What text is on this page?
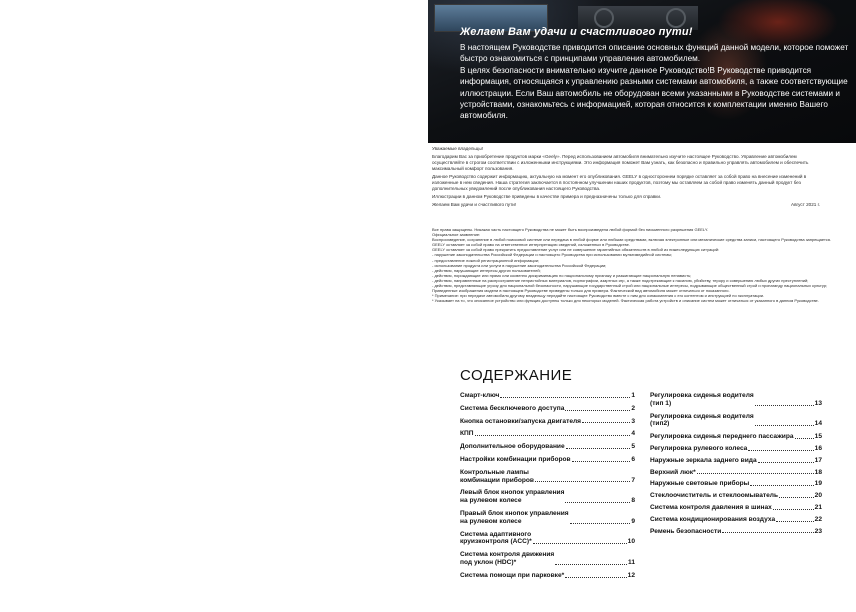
Желаем Вам удачи и счастливого пути!

В настоящем Руководстве приводится описание основных функций данной модели, которое поможет быстро ознакомиться с принципами управления автомобилем.

В целях безопасности внимательно изучите данное Руководство!В Руководстве приводится информация, относящаяся к управлению разными системами автомобиля, а также соответствующие иллюстрации. Если Ваш автомобиль не оборудован всеми указанными в Руководстве системами и устройствами, ознакомьтесь с информацией, которая относится к комплектации именно Вашего автомобиля.

Уважаемые владельцы!

Благодарим Вас за приобретение продуктов марки «Geely». Перед использованием автомобиля внимательно изучите настоящее Руководство. Управление автомобилем осуществляйте в строгом соответствии с изложенными инструкциями. Это информация поможет Вам узнать, как безопасно и правильно управлять автомобилем и обеспечить максимальный комфорт пользования.

Данное Руководство содержит информацию, актуальную на момент его опубликования. GEELY в одностороннем порядке оставляет за собой право на внесение изменений в изложенные в нем сведения. Наша стратегия заключается в постоянном улучшении наших продуктов, поэтому мы оставляем за собой право изменять данный продукт без дополнительных уведомлений после опубликования настоящего Руководства.

Иллюстрации в данном Руководстве приведены в качестве примера и предназначены только для справки.

Желаем Вам удачи и счастливого пути!	Август 2021 г.
Все права защищены. Никакая часть настоящего Руководства не может быть воспроизведена любой формой без письменного разрешения GEELY.
Официальное заявление:
Воспроизведение, сохранение в любой поисковой системе или передача в любой форме или любыми средствами, включая электронные или механические средства записи, настоящего Руководства запрещается.
GEELY оставляет за собой право на ответственное интерпретацию сведений, изложенных в Руководстве.
GEELY оставляет за собой право прекратить предоставление услуг или не совершение гарантийных обязательств в любой из нижеследующих ситуаций:
- нарушение законодательства Российской Федерации и настоящего Руководства при использовании мультимедийной системы;
- предоставление ложной регистрационной информации;
- использование продукта или услуги в нарушение законодательства Российской Федерации;
- действия, нарушающие интересы других пользователей;
- действия, порождающие или прямо или косвенно дискриминацию по национальному признаку и разжигающие национальную ненависть;
- действия, направленные на распространение непристойных материалов, порнографии, азартных игр, а также подстрекающие к насилию, убийству, терору и совершению любых других преступлений;
- действия, представляющие угрозу для национальной безопасности, нарушающие государственный строй или национальные интересы, подрывающие общественный строй и пропаганду национальных культур;
Приведенные изображения модели в настоящем Руководстве приведены только для примера. Фактический вид автомобиля может отличаться от показанного.
* Примечание: при передаче автомобиля другому владельцу передайте настоящее Руководство вместе с ним для ознакомления с его контентом и инструкцией по эксплуатации.
* Указывает на то, что описанное устройство или функция доступны только для некоторых моделей. Фактическая работа устройств и описание систем может отличаться от указанного в данном Руководстве.
СОДЕРЖАНИЕ
Смарт-ключ	1
Система бесключевого доступа	2
Кнопка остановки/запуска двигателя	3
КПП	4
Дополнительное оборудование	5
Настройки комбинации приборов	6
Контрольные лампы
комбинации приборов	7
Левый блок кнопок управления
на рулевом колесе	8
Правый блок кнопок управления
на рулевом колесе	9
Система адаптивного
круизконтроля (ACC)*	10
Система контроля движения
под уклон (HDC)*	11
Система помощи при парковке*	12
Регулировка сиденья водителя
(тип 1)	13
Регулировка сиденья водителя
(тип2)	14
Регулировка сиденья переднего пассажира	15
Регулировка рулевого колеса	16
Наружные зеркала заднего вида	17
Верхний люк*	18
Наружные световые приборы	19
Стеклоочиститель и стеклоомыватель	20
Система контроля давления в шинах	21
Система кондиционирования воздуха	22
Ремень безопасности	23
